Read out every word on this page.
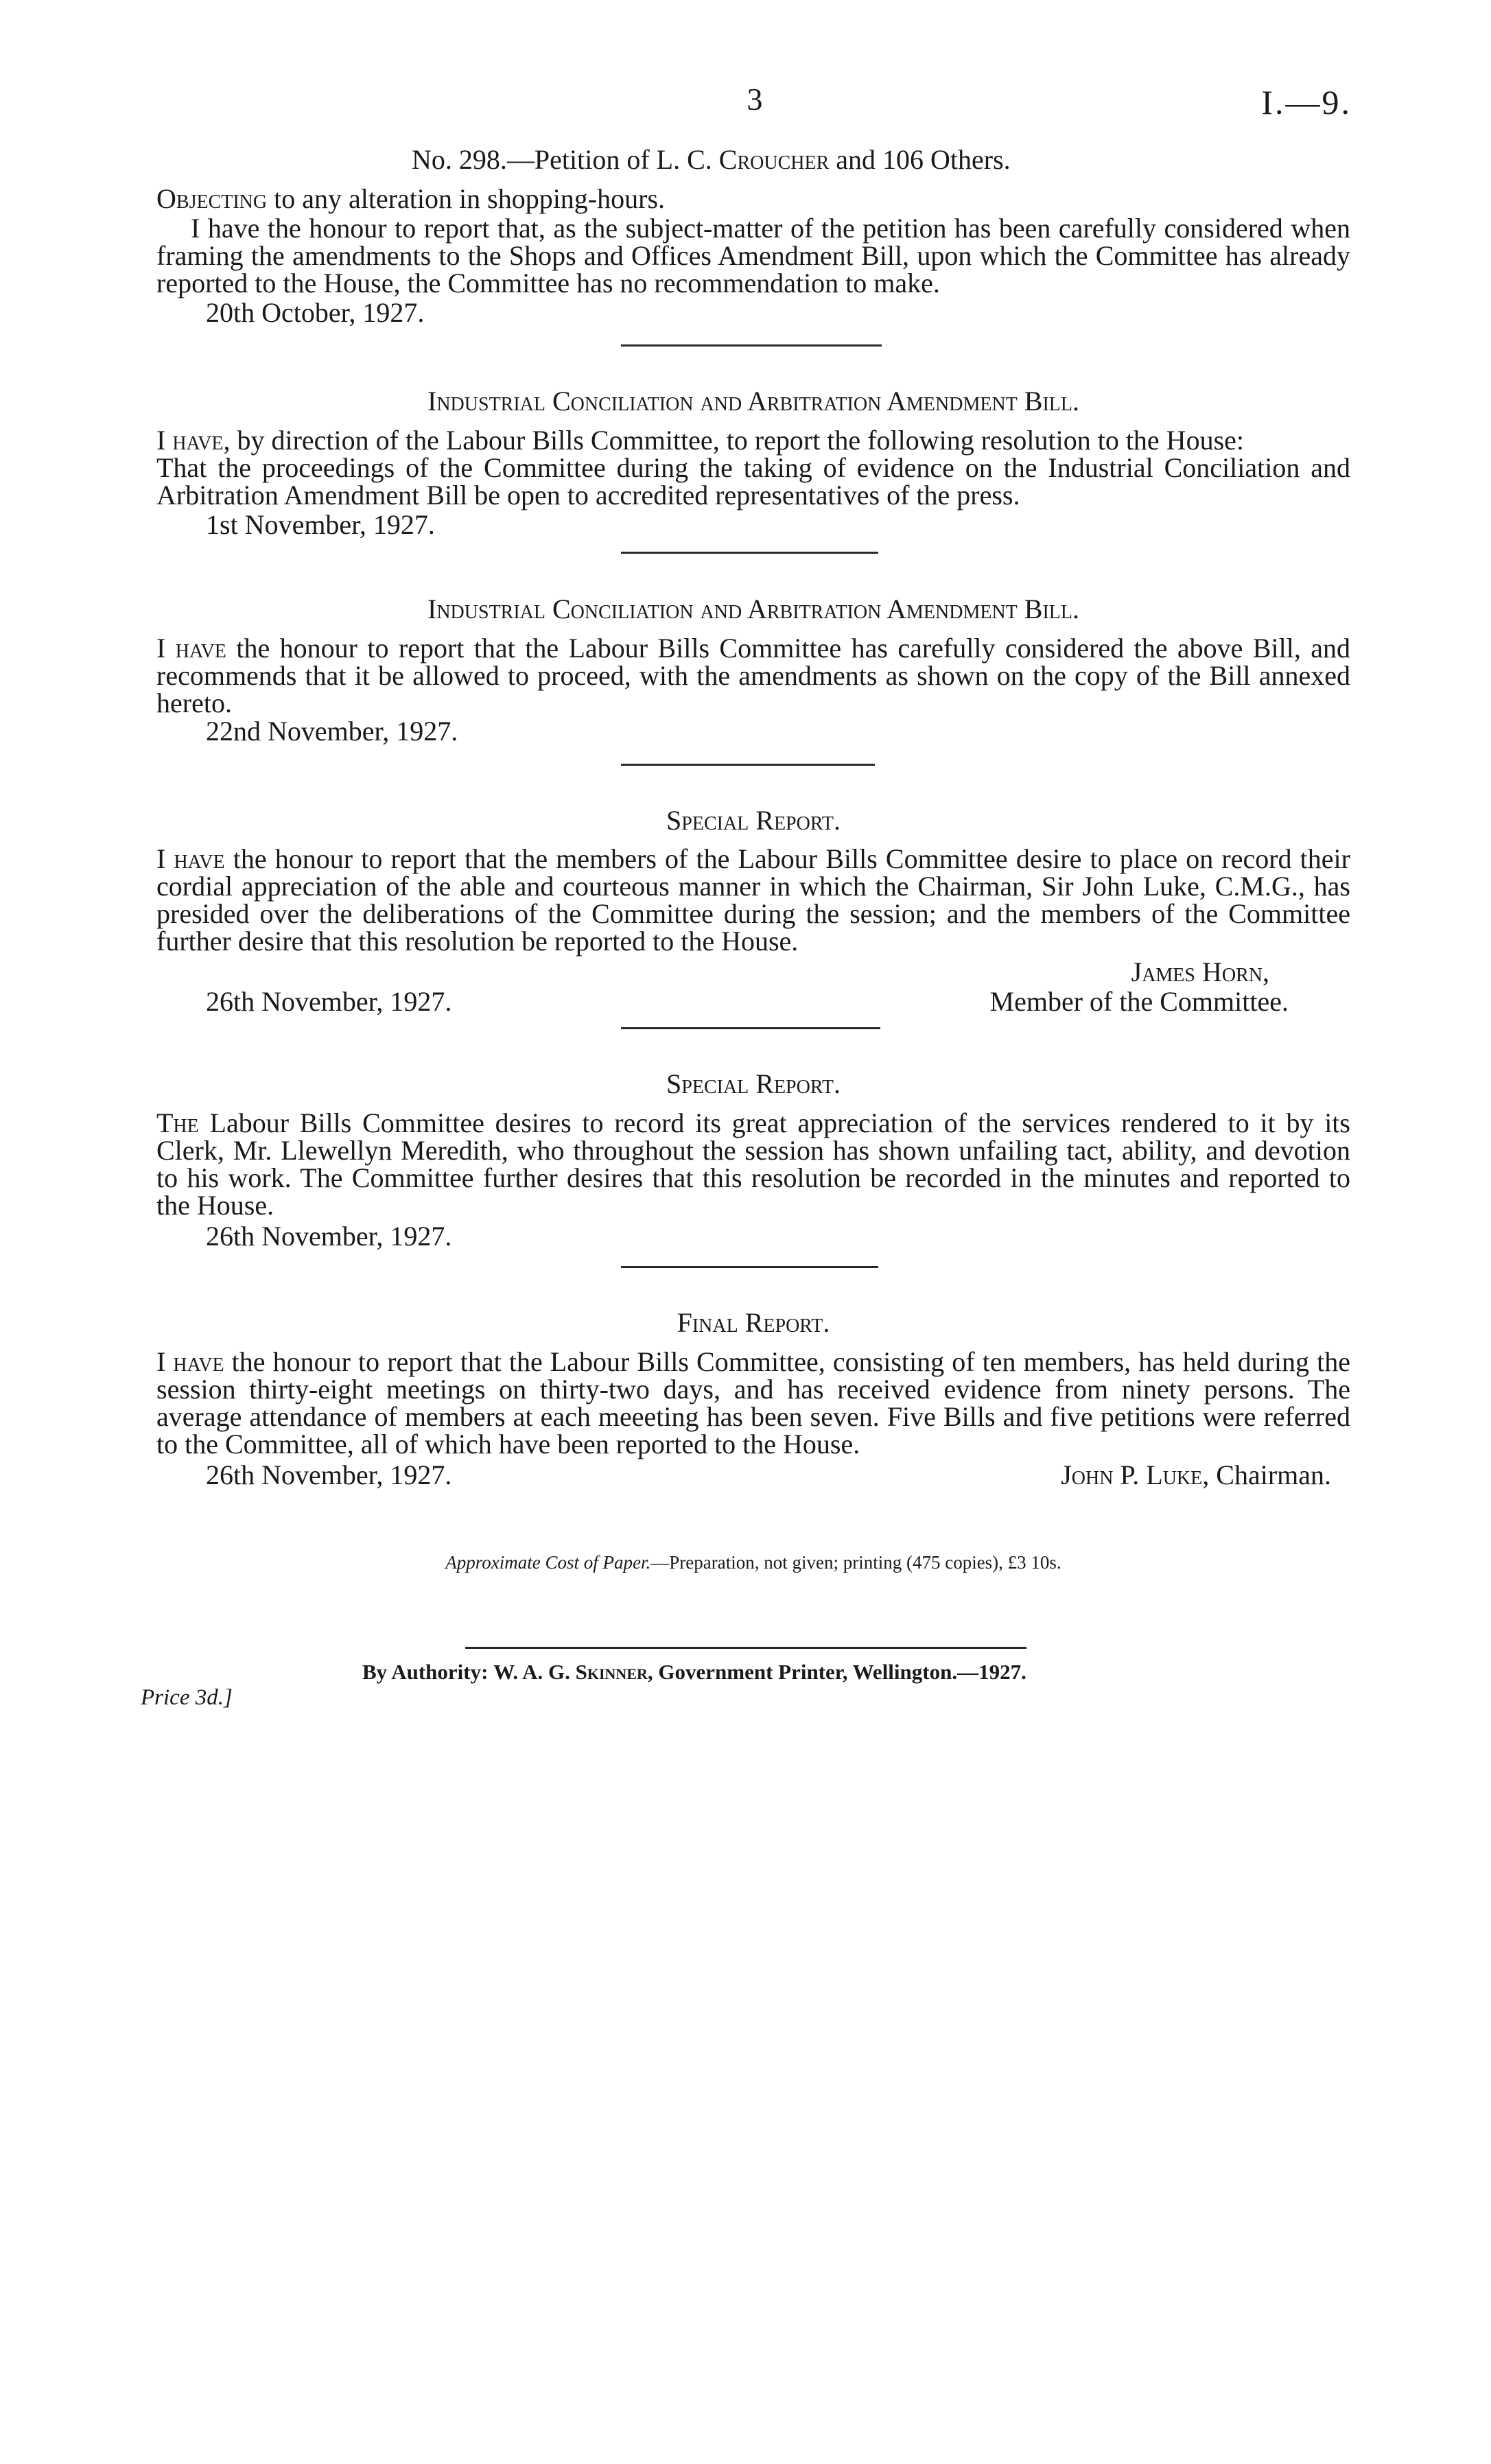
3	I.—9.
No. 298.—Petition of L. C. Croucher and 106 Others.
Objecting to any alteration in shopping-hours.
I have the honour to report that, as the subject-matter of the petition has been carefully considered when framing the amendments to the Shops and Offices Amendment Bill, upon which the Committee has already reported to the House, the Committee has no recommendation to make.
20th October, 1927.
Industrial Conciliation and Arbitration Amendment Bill.
I have, by direction of the Labour Bills Committee, to report the following resolution to the House:
That the proceedings of the Committee during the taking of evidence on the Industrial Conciliation and Arbitration Amendment Bill be open to accredited representatives of the press.
1st November, 1927.
Industrial Conciliation and Arbitration Amendment Bill.
I have the honour to report that the Labour Bills Committee has carefully considered the above Bill, and recommends that it be allowed to proceed, with the amendments as shown on the copy of the Bill annexed hereto.
22nd November, 1927.
Special Report.
I have the honour to report that the members of the Labour Bills Committee desire to place on record their cordial appreciation of the able and courteous manner in which the Chairman, Sir John Luke, C.M.G., has presided over the deliberations of the Committee during the session; and the members of the Committee further desire that this resolution be reported to the House.
James Horn,
26th November, 1927.	Member of the Committee.
Special Report.
The Labour Bills Committee desires to record its great appreciation of the services rendered to it by its Clerk, Mr. Llewellyn Meredith, who throughout the session has shown unfailing tact, ability, and devotion to his work. The Committee further desires that this resolution be recorded in the minutes and reported to the House.
26th November, 1927.
Final Report.
I have the honour to report that the Labour Bills Committee, consisting of ten members, has held during the session thirty-eight meetings on thirty-two days, and has received evidence from ninety persons. The average attendance of members at each meeeting has been seven. Five Bills and five petitions were referred to the Committee, all of which have been reported to the House.
26th November, 1927.	John P. Luke, Chairman.
Approximate Cost of Paper.—Preparation, not given; printing (475 copies), £3 10s.
By Authority: W. A. G. Skinner, Government Printer, Wellington.—1927.
Price 3d.]
